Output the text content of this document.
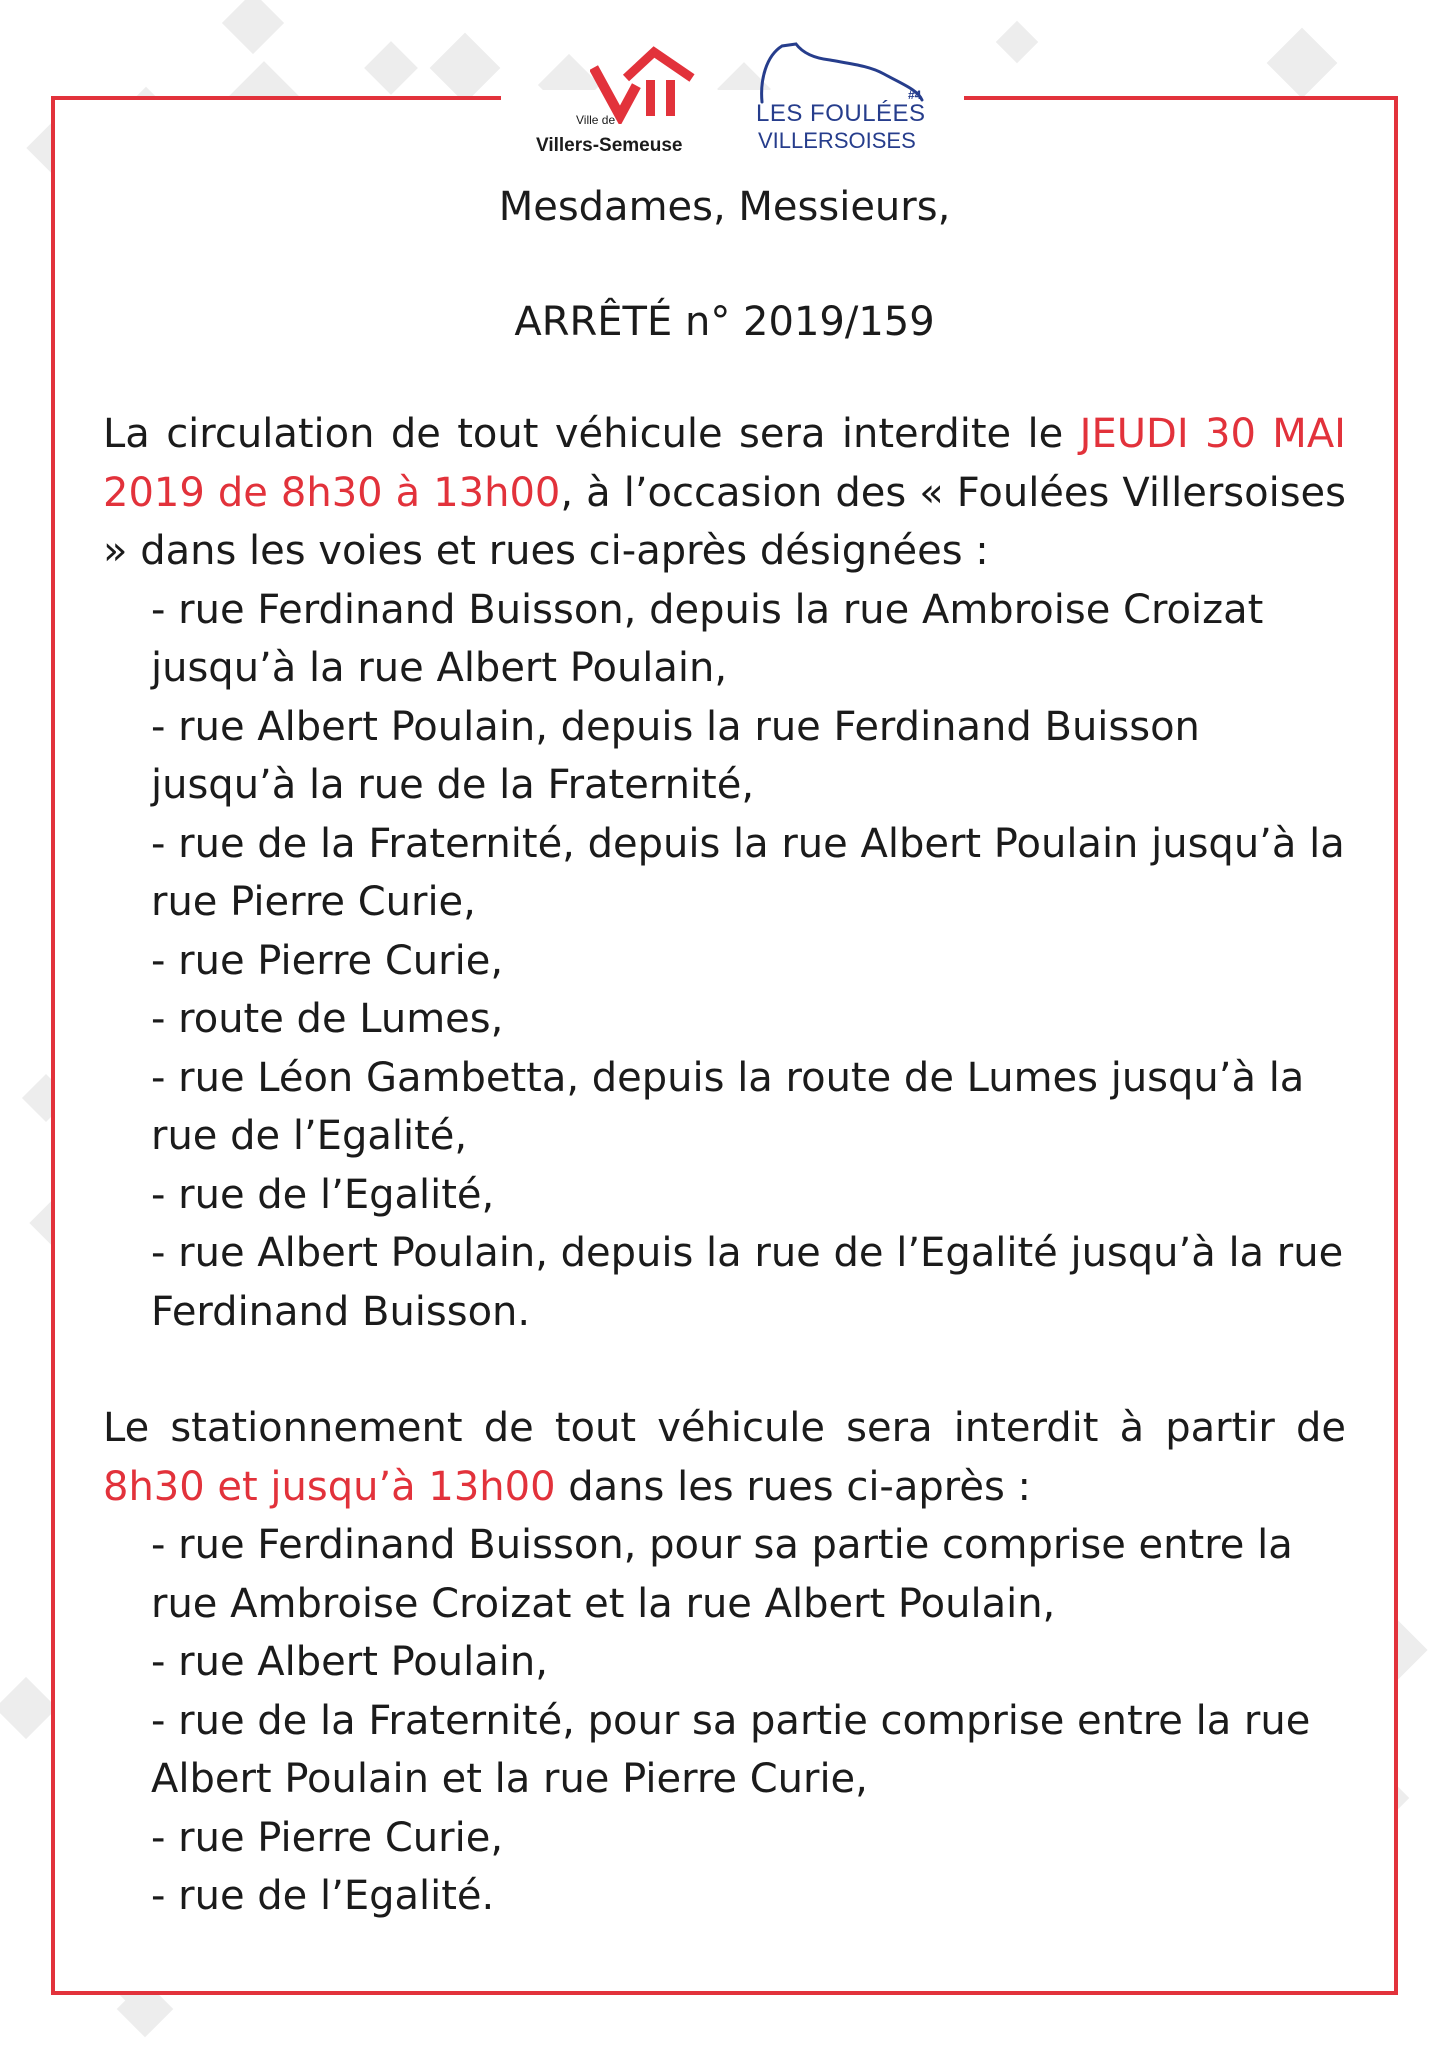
Ville de
Villers-Semeuse
#4
LES FOULÉES
VILLERSOISES

Mesdames, Messieurs,

ARRÊTÉ n° 2019/159

La circulation de tout véhicule sera interdite le JEUDI 30 MAI 2019 de 8h30 à 13h00, à l’occasion des « Foulées Villersoises » dans les voies et rues ci-après désignées :

- rue Ferdinand Buisson, depuis la rue Ambroise Croizat jusqu’à la rue Albert Poulain,
- rue Albert Poulain, depuis la rue Ferdinand Buisson jusqu’à la rue de la Fraternité,
- rue de la Fraternité, depuis la rue Albert Poulain jusqu’à la rue Pierre Curie,
- rue Pierre Curie,
- route de Lumes,
- rue Léon Gambetta, depuis la route de Lumes jusqu’à la rue de l’Egalité,
- rue de l’Egalité,
- rue Albert Poulain, depuis la rue de l’Egalité jusqu’à la rue Ferdinand Buisson.

Le stationnement de tout véhicule sera interdit à partir de 8h30 et jusqu’à 13h00 dans les rues ci-après :

- rue Ferdinand Buisson, pour sa partie comprise entre la rue Ambroise Croizat et la rue Albert Poulain,
- rue Albert Poulain,
- rue de la Fraternité, pour sa partie comprise entre la rue Albert Poulain et la rue Pierre Curie,
- rue Pierre Curie,
- rue de l’Egalité.
